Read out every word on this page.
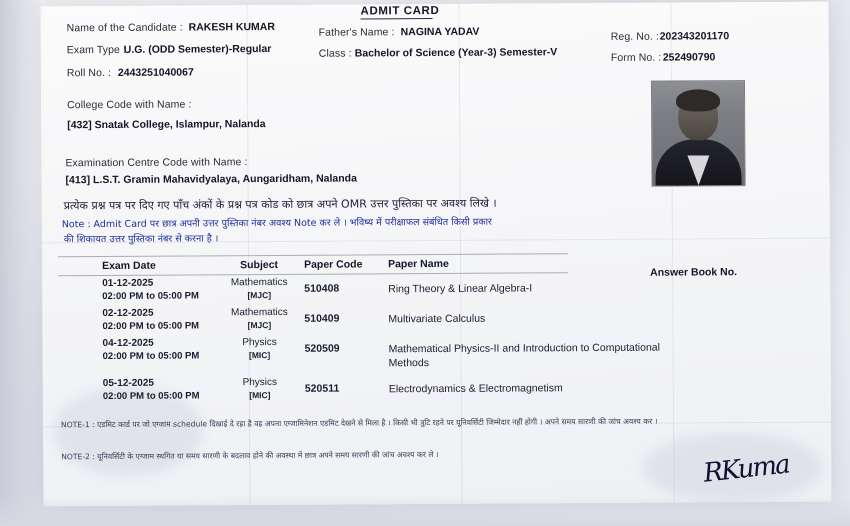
ADMIT CARD
Name of the Candidate : RAKESH KUMAR	Father's Name : NAGINA YADAV	Reg. No. : 202343201170
Exam Type :
U.G. (ODD Semester)-Regular	Class : Bachelor of Science (Year-3) Semester-V	Form No. : 252490790
Roll No. : 2443251040067
College Code with Name :
[432] Snatak College, Islampur, Nalanda
Examination Centre Code with Name :
[413] L.S.T. Gramin Mahavidyalaya, Aungaridham, Nalanda
प्रत्येक प्रश्न पत्र पर दिए गए पाँच अंकों के प्रश्न पत्र कोड को छात्र अपने OMR उत्तर पुस्तिका पर अवश्य लिखे ।
Note : Admit Card पर छात्र अपनी उत्तर पुस्तिका नंबर अवश्य Note कर ले । भविष्य में परीक्षाफल संबंधित किसी प्रकार
की शिकायत उत्तर पुस्तिका नंबर से करना है ।
Answer Book No.
Exam Date	Subject	Paper Code	Paper Name

01-12-2025
02:00 PM to 05:00 PM	Mathematics
[MJC]	510408	Ring Theory & Linear Algebra-I

02-12-2025
02:00 PM to 05:00 PM	Mathematics
[MJC]	510409	Multivariate Calculus

04-12-2025
02:00 PM to 05:00 PM	Physics
[MIC]	520509	Mathematical Physics-II and Introduction to Computational Methods

05-12-2025
02:00 PM to 05:00 PM	Physics
[MIC]	520511	Electrodynamics & Electromagnetism
NOTE-1 : एडमिट कार्ड पर जो एग्जाम schedule दिखाई दे रहा है वह अपना एग्जामिनेशन एडमिट देखने से मिला है । किसी भी त्रुटि रहने पर यूनिवर्सिटी जिम्मेदार नहीं होगी । अपने समय सारणी की जांच अवश्य कर ।
NOTE-2 : यूनिवर्सिटी के एग्जाम स्थगित या समय सारणी के बदलाव होने की अवस्था में छात्र अपने समय सारणी की जांच अवश्य कर ले ।	RKuma
